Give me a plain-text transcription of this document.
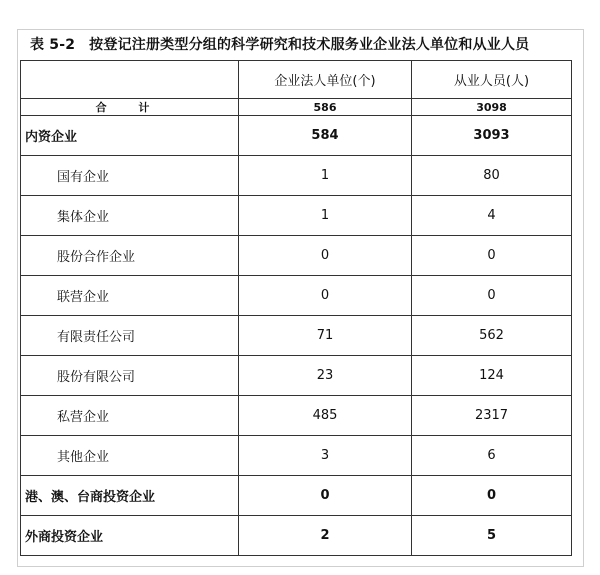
表 5-2 按登记注册类型分组的科学研究和技术服务业企业法人单位和从业人员
	企业法人单位(个)	从业人员(人)
合 计	586	3098
内资企业	584	3093
国有企业	1	80
集体企业	1	4
股份合作企业	0	0
联营企业	0	0
有限责任公司	71	562
股份有限公司	23	124
私营企业	485	2317
其他企业	3	6
港、澳、台商投资企业	0	0
外商投资企业	2	5
